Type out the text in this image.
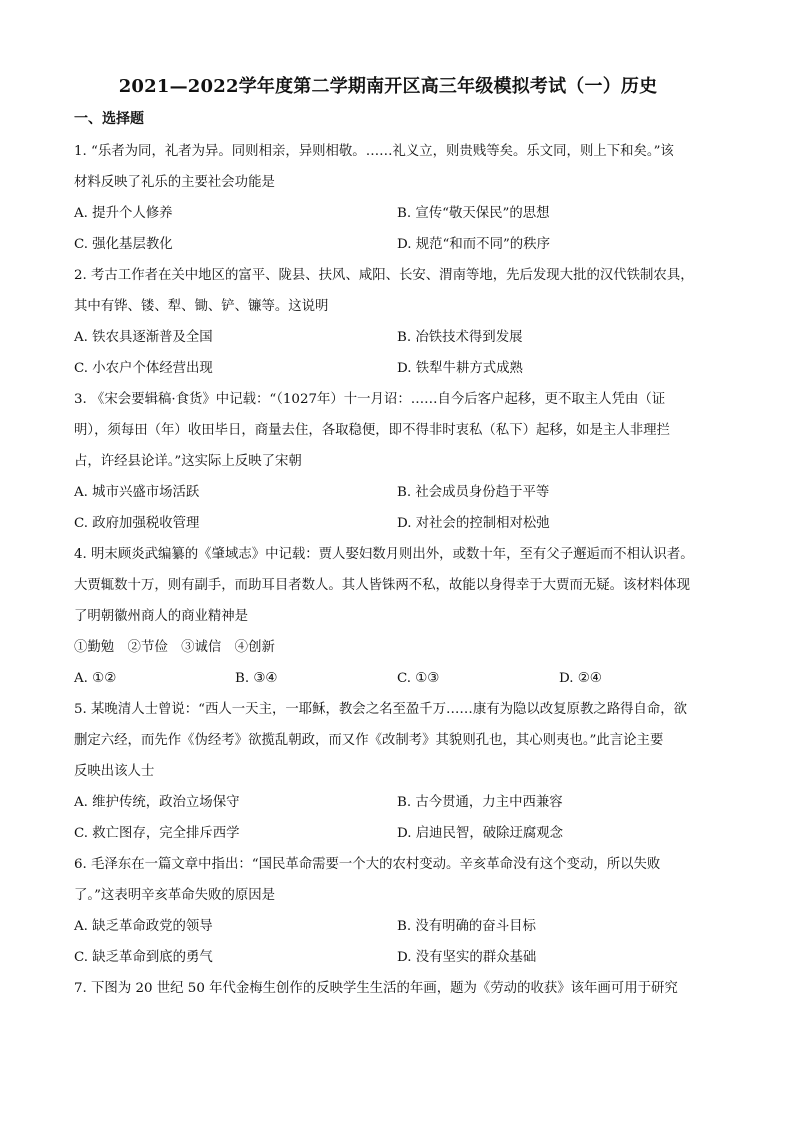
2021—2022学年度第二学期南开区高三年级模拟考试（一）历史
一、选择题
1. “乐者为同，礼者为异。同则相亲，异则相敬。……礼义立，则贵贱等矣。乐文同，则上下和矣。”该
材料反映了礼乐的主要社会功能是
A. 提升个人修养	B. 宣传“敬天保民”的思想
C. 强化基层教化	D. 规范“和而不同”的秩序
2. 考古工作者在关中地区的富平、陇县、扶风、咸阳、长安、渭南等地，先后发现大批的汉代铁制农具，
其中有铧、镂、犁、锄、铲、镰等。这说明
A. 铁农具逐渐普及全国	B. 冶铁技术得到发展
C. 小农户个体经营出现	D. 铁犁牛耕方式成熟
3. 《宋会要辑稿·食货》中记载：“（1027年）十一月诏：……自今后客户起移，更不取主人凭由（证
明），须每田（年）收田毕日，商量去住，各取稳便，即不得非时衷私（私下）起移，如是主人非理拦
占，许经县论详。”这实际上反映了宋朝
A. 城市兴盛市场活跃	B. 社会成员身份趋于平等
C. 政府加强税收管理	D. 对社会的控制相对松弛
4. 明末顾炎武编纂的《肇域志》中记载：贾人娶妇数月则出外，或数十年，至有父子邂逅而不相认识者。
大贾辄数十万，则有副手，而助耳目者数人。其人皆铢两不私，故能以身得幸于大贾而无疑。该材料体现
了明朝徽州商人的商业精神是
①勤勉　②节俭　③诚信　④创新
A. ①②	B. ③④	C. ①③	D. ②④
5. 某晚清人士曾说：“西人一天主，一耶稣，教会之名至盈千万……康有为隐以改复原教之路得自命，欲
删定六经，而先作《伪经考》欲揽乱朝政，而又作《改制考》其貌则孔也，其心则夷也。”此言论主要
反映出该人士
A. 维护传统，政治立场保守	B. 古今贯通，力主中西兼容
C. 救亡图存，完全排斥西学	D. 启迪民智，破除迂腐观念
6. 毛泽东在一篇文章中指出：“国民革命需要一个大的农村变动。辛亥革命没有这个变动，所以失败
了。”这表明辛亥革命失败的原因是
A. 缺乏革命政党的领导	B. 没有明确的奋斗目标
C. 缺乏革命到底的勇气	D. 没有坚实的群众基础
7. 下图为 20 世纪 50 年代金梅生创作的反映学生生活的年画，题为《劳动的收获》该年画可用于研究
